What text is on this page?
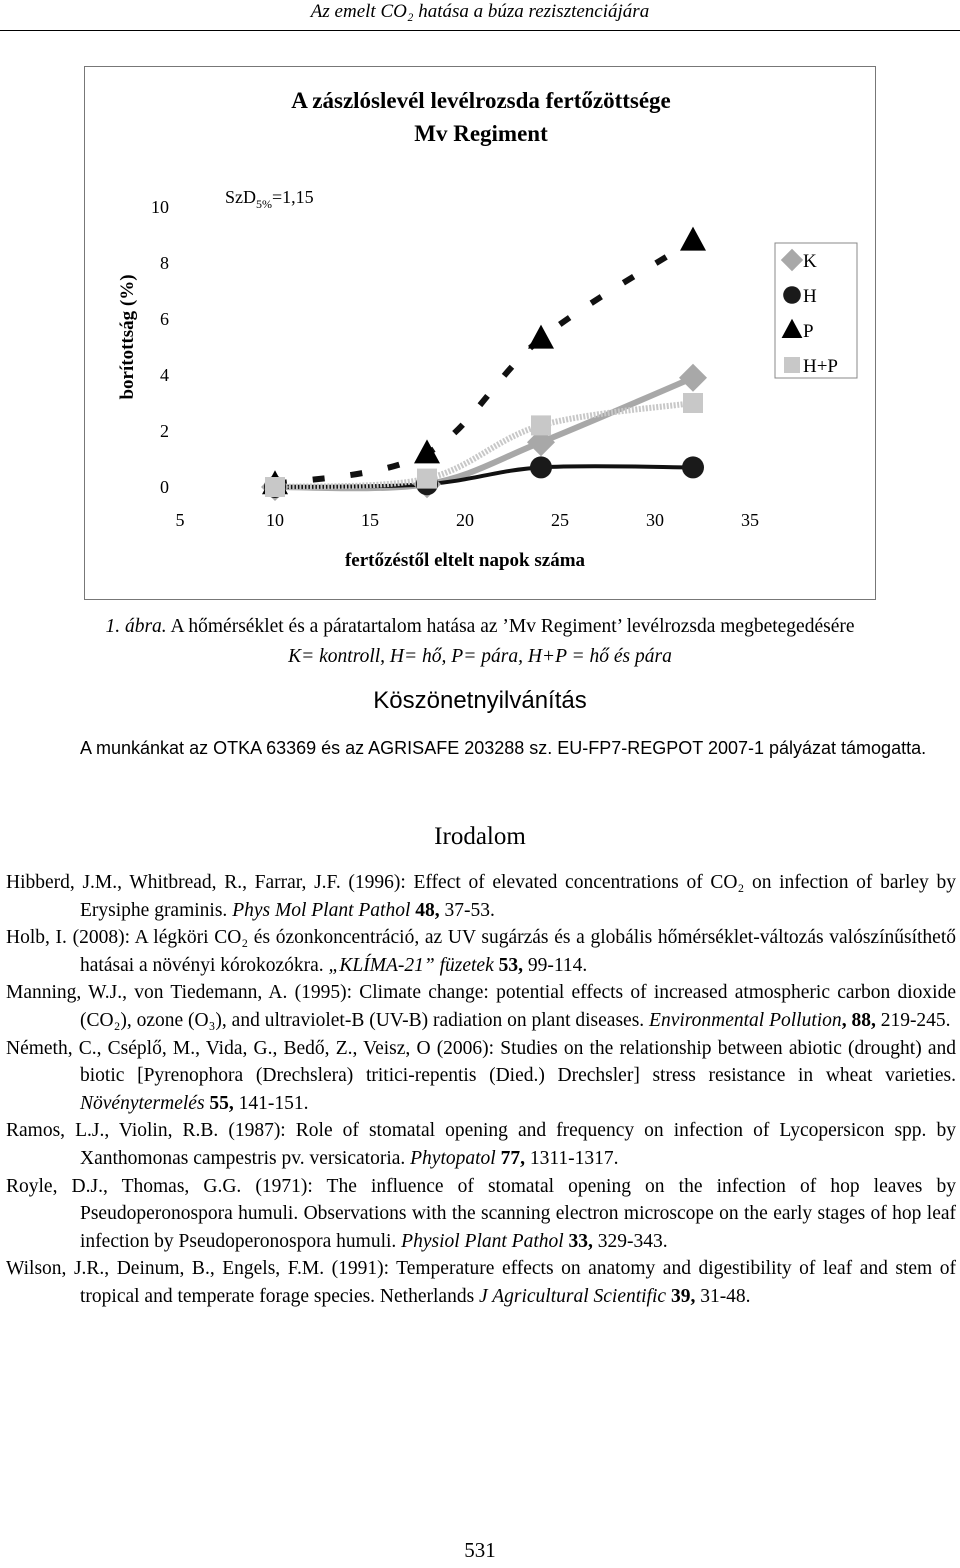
Az emelt CO₂ hatása a búza rezisztenciájára
A zászlóslevél levélrozsda fertőzöttsége
Mv Regiment
0
2
4
6
8
10
5	10	15	20	25	30	35
borítottság (%)
fertőzéstől eltelt napok száma
SzD$_{5\%}$=1,15
K
H
P
H+P
1. ábra. A hőmérséklet és a páratartalom hatása az ’Mv Regiment’ levélrozsda megbetegedésére
K= kontroll, H= hő, P= pára, H+P = hő és pára
Köszönetnyilvánítás
A munkánkat az OTKA 63369 és az AGRISAFE 203288 sz. EU-FP7-REGPOT 2007-1 pályázat támogatta.
Irodalom

Hibberd, J.M., Whitbread, R., Farrar, J.F. (1996): Effect of elevated concentrations of CO₂ on infection of barley by Erysiphe graminis. Phys Mol Plant Pathol 48, 37-53.

Holb, I. (2008): A légköri CO₂ és ózonkoncentráció, az UV sugárzás és a globális hőmérséklet-változás valószínűsíthető hatásai a növényi kórokozókra. „KLÍMA-21” füzetek 53, 99-114.

Manning, W.J., von Tiedemann, A. (1995): Climate change: potential effects of increased atmospheric carbon dioxide (CO₂), ozone (O₃), and ultraviolet-B (UV-B) radiation on plant diseases. Environmental Pollution, 88, 219-245.

Németh, C., Cséplő, M., Vida, G., Bedő, Z., Veisz, O (2006): Studies on the relationship between abiotic (drought) and biotic [Pyrenophora (Drechslera) tritici-repentis (Died.) Drechsler] stress resistance in wheat varieties. Növénytermelés 55, 141-151.

Ramos, L.J., Violin, R.B. (1987): Role of stomatal opening and frequency on infection of Lycopersicon spp. by Xanthomonas campestris pv. versicatoria. Phytopatol 77, 1311-1317.

Royle, D.J., Thomas, G.G. (1971): The influence of stomatal opening on the infection of hop leaves by Pseudoperonospora humuli. Observations with the scanning electron microscope on the early stages of hop leaf infection by Pseudoperonospora humuli. Physiol Plant Pathol 33, 329-343.

Wilson, J.R., Deinum, B., Engels, F.M. (1991): Temperature effects on anatomy and digestibility of leaf and stem of tropical and temperate forage species. Netherlands J Agricultural Scientific 39, 31-48.

531
